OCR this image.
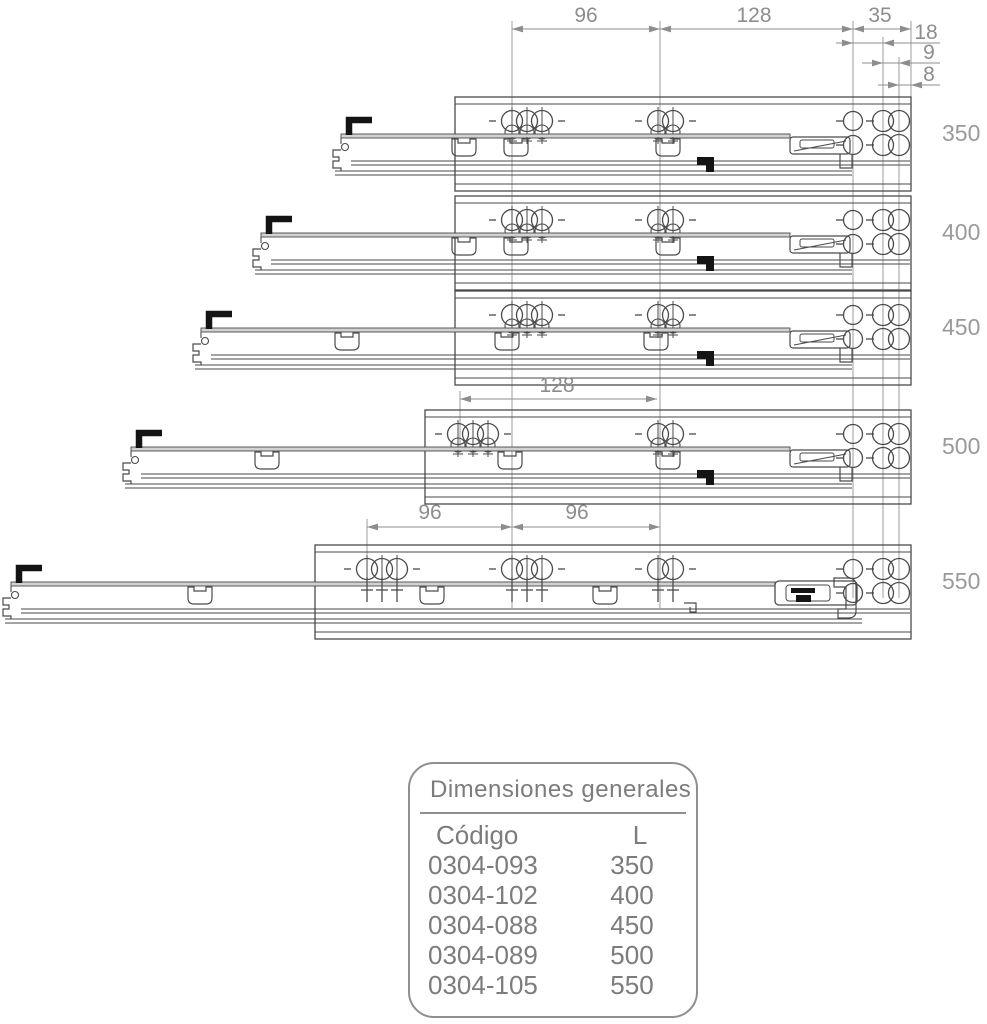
96	128	35
18
9
8
350
400
450
500
128
550
96	96
Dimensiones generales
Código	L
0304-093	350
0304-102	400
0304-088	450
0304-089	500
0304-105	550
